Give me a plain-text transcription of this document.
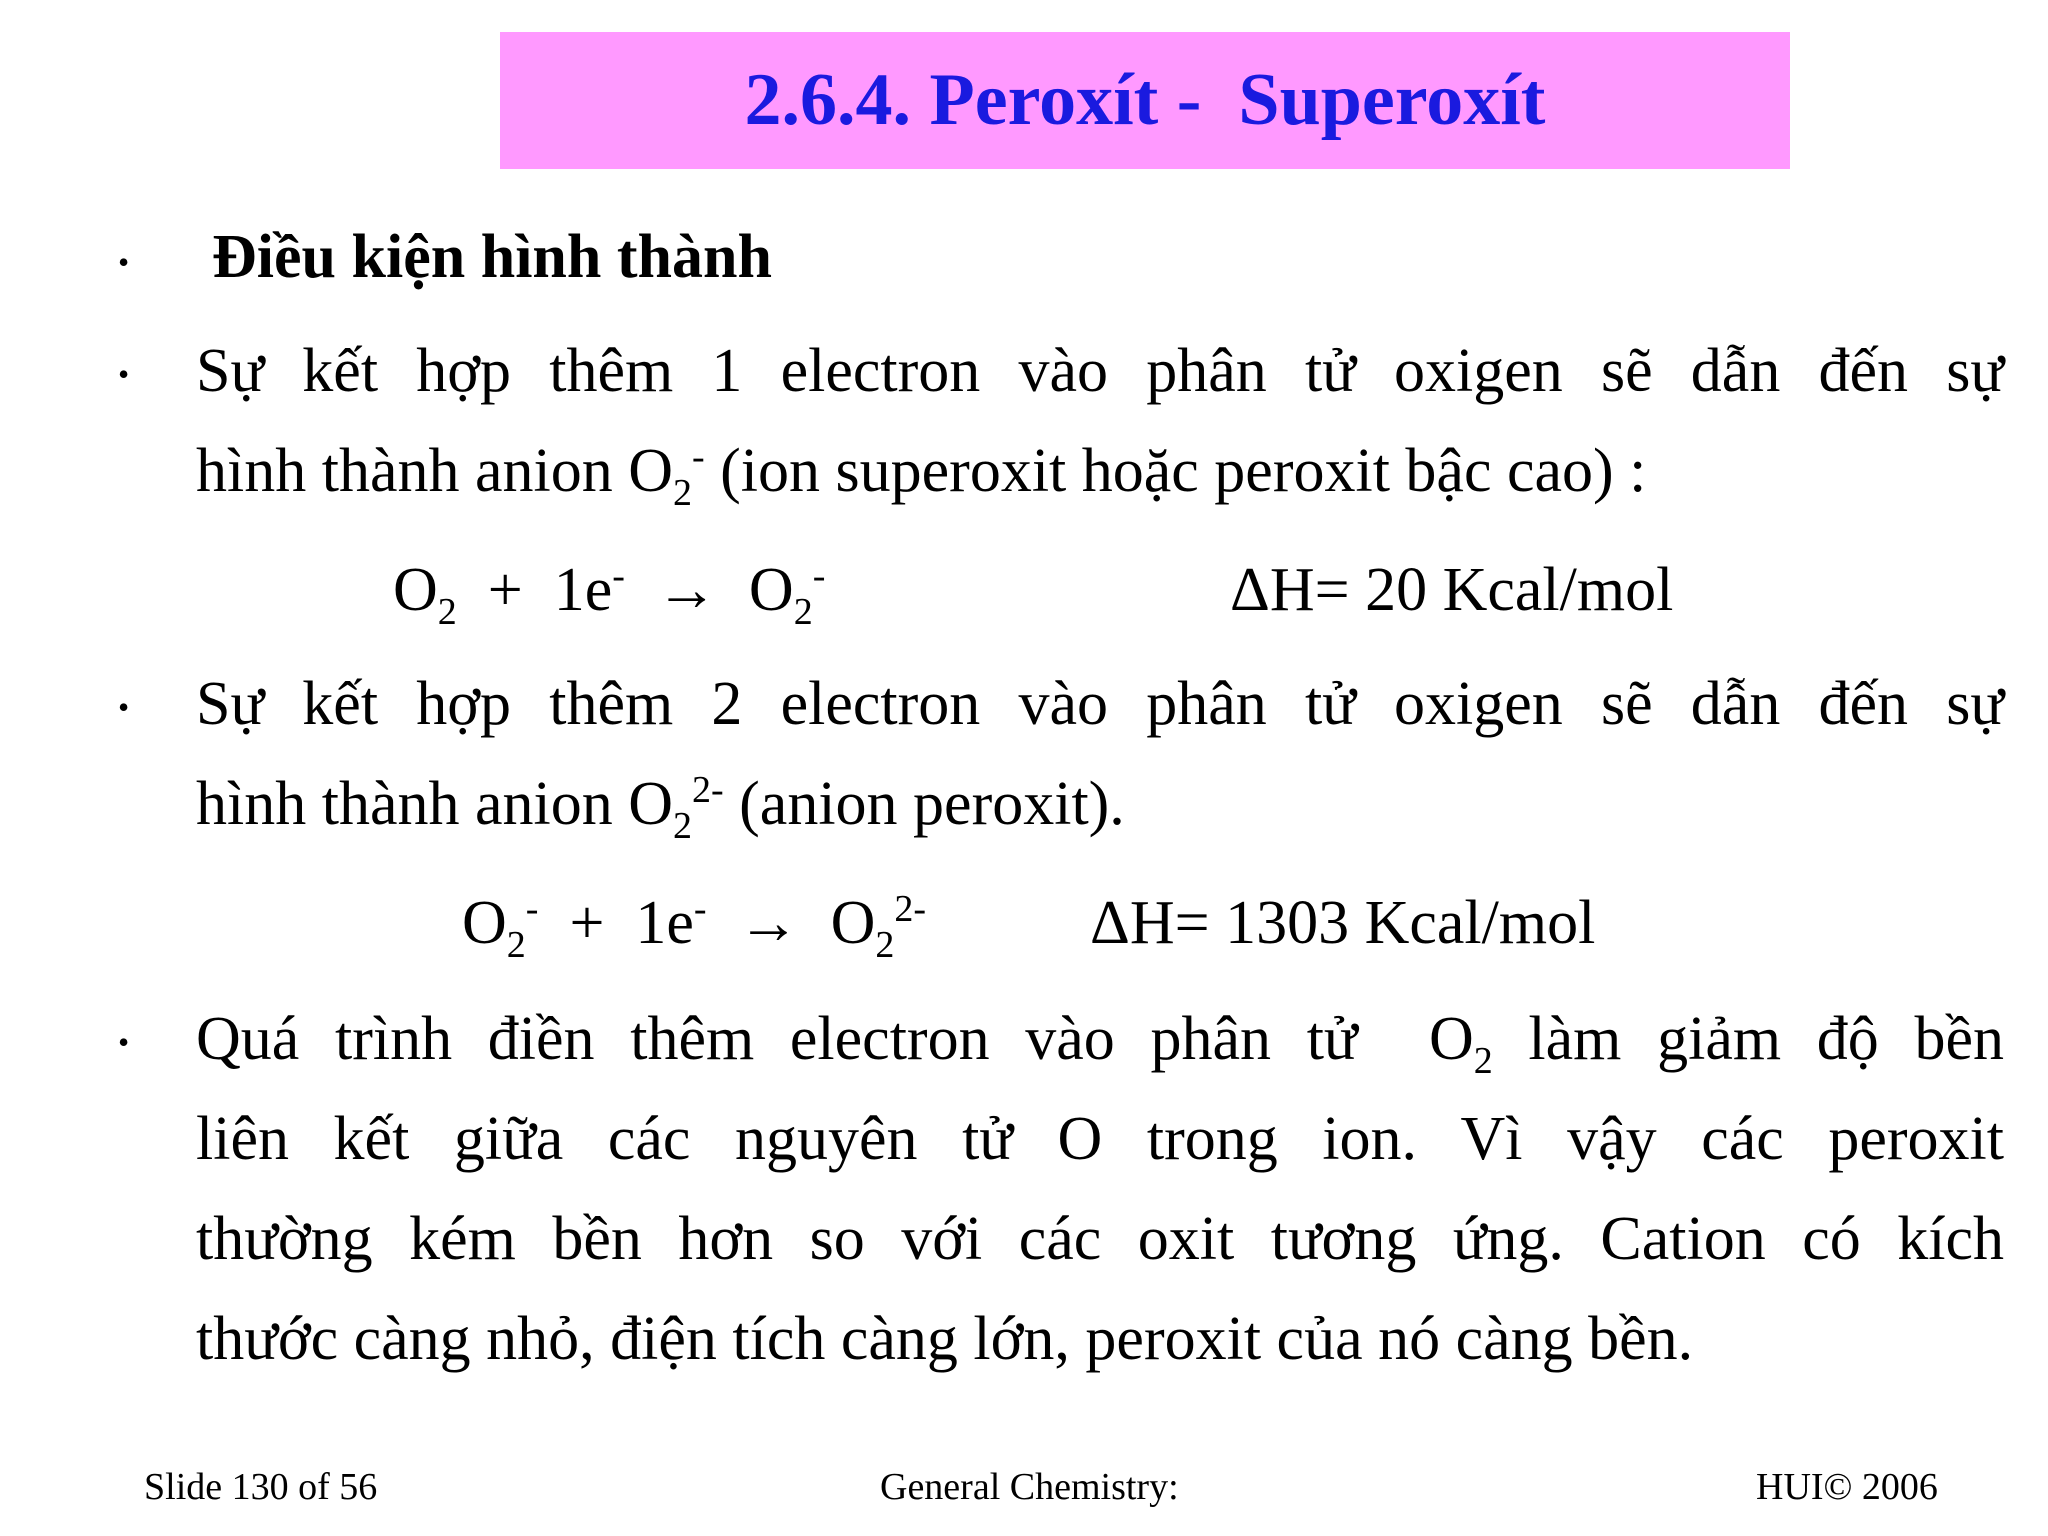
2.6.4. Peroxít -  Superoxít
• Điều kiện hình thành
• Sự kết hợp thêm 1 electron vào phân tử oxigen sẽ dẫn đến sự
hình thành anion $O_2^-$ (ion superoxit hoặc peroxit bậc cao) :
$O_2 + 1e^- \to O_2^-$	ΔH= 20 Kcal/mol
• Sự kết hợp thêm 2 electron vào phân tử oxigen sẽ dẫn đến sự
hình thành anion $O_2^{2-}$ (anion peroxit).
$O_2^- + 1e^- \to O_2^{2-}$	ΔH= 1303 Kcal/mol
• Quá trình điền thêm electron vào phân tử  $O_2$ làm giảm độ bền
liên kết giữa các nguyên tử O trong ion. Vì vậy các peroxit
thường kém bền hơn so với các oxit tương ứng. Cation có kích
thước càng nhỏ, điện tích càng lớn, peroxit của nó càng bền.
Slide 130 of 56	General Chemistry:	HUI© 2006
